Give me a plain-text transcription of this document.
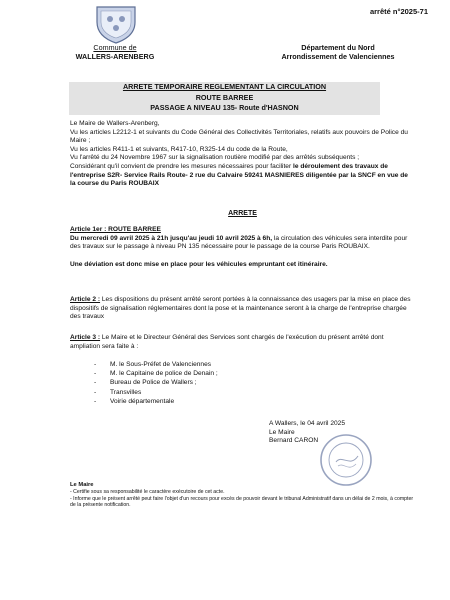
arrêté n°2025-71
Commune de
WALLERS-ARENBERG
Département du Nord
Arrondissement de Valenciennes
ARRETE TEMPORAIRE REGLEMENTANT LA CIRCULATION
ROUTE BARREE
PASSAGE A NIVEAU 135- Route d'HASNON
Le Maire de Wallers-Arenberg,
Vu les articles L2212-1 et suivants du Code Général des Collectivités Territoriales, relatifs aux pouvoirs de Police du Maire ;
Vu les articles R411-1 et suivants, R417-10, R325-14 du code de la Route,
Vu l'arrêté du 24 Novembre 1967 sur la signalisation routière modifié par des arrêtés subséquents ;
Considérant qu'il convient de prendre les mesures nécessaires pour faciliter le déroulement des travaux de l'entreprise S2R- Service Rails Route- 2 rue du Calvaire 59241 MASNIERES diligentée par la SNCF en vue de la course du Paris ROUBAIX
ARRETE
Article 1er : ROUTE BARREE
Du mercredi 09 avril 2025 à 21h jusqu'au jeudi 10 avril 2025 à 6h, la circulation des véhicules sera interdite pour des travaux sur le passage à niveau PN 135 nécessaire pour le passage de la course Paris ROUBAIX.
Une déviation est donc mise en place pour les véhicules empruntant cet itinéraire.
Article 2 : Les dispositions du présent arrêté seront portées à la connaissance des usagers par la mise en place des dispositifs de signalisation réglementaires dont la pose et la maintenance seront à la charge de l'entreprise chargée des travaux
Article 3 : Le Maire et le Directeur Général des Services sont chargés de l'exécution du présent arrêté dont ampliation sera faite à :
- M. le Sous-Préfet de Valenciennes
- M. le Capitaine de police de Denain ;
- Bureau de Police de Wallers ;
- Transvilles
- Voirie départementale
A Wallers, le 04 avril 2025
Le Maire
Bernard CARON
Le Maire
- Certifie sous sa responsabilité le caractère exécutoire de cet acte.
- Informe que le présent arrêté peut faire l'objet d'un recours pour excès de pouvoir devant le tribunal Administratif dans un délai de 2 mois, à compter de la présente notification.
